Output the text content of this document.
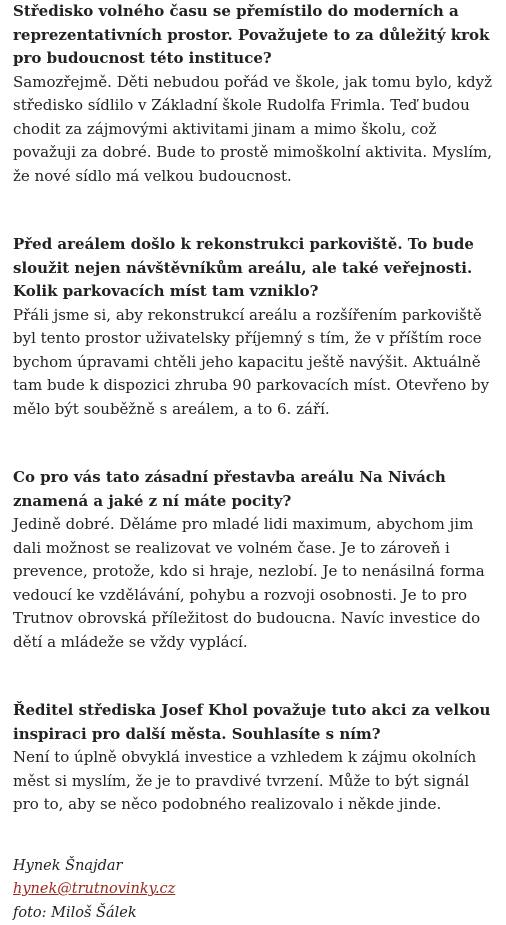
Středisko volného času se přemístilo do moderních a reprezentativních prostor. Považujete to za důležitý krok pro budoucnost této instituce?

Samozřejmě. Děti nebudou pořád ve škole, jak tomu bylo, když středisko sídlilo v Základní škole Rudolfa Frimla. Teď budou chodit za zájmovými aktivitami jinam a mimo školu, což považuji za dobré. Bude to prostě mimoškolní aktivita. Myslím, že nové sídlo má velkou budoucnost.

Před areálem došlo k rekonstrukci parkoviště. To bude sloužit nejen návštěvníkům areálu, ale také veřejnosti. Kolik parkovacích míst tam vzniklo?

Přáli jsme si, aby rekonstrukcí areálu a rozšířením parkoviště byl tento prostor uživatelsky příjemný s tím, že v příštím roce bychom úpravami chtěli jeho kapacitu ještě navýšit. Aktuálně tam bude k dispozici zhruba 90 parkovacích míst. Otevřeno by mělo být souběžně s areálem, a to 6. září.

Co pro vás tato zásadní přestavba areálu Na Nivách znamená a jaké z ní máte pocity?

Jedině dobré. Děláme pro mladé lidi maximum, abychom jim dali možnost se realizovat ve volném čase. Je to zároveň i prevence, protože, kdo si hraje, nezlobí. Je to nenásilná forma vedoucí ke vzdělávání, pohybu a rozvoji osobnosti. Je to pro Trutnov obrovská příležitost do budoucna. Navíc investice do dětí a mládeže se vždy vyplácí.

Ředitel střediska Josef Khol považuje tuto akci za velkou inspiraci pro další města. Souhlasíte s ním?

Není to úplně obvyklá investice a vzhledem k zájmu okolních měst si myslím, že je to pravdivé tvrzení. Může to být signál pro to, aby se něco podobného realizovalo i někde jinde.

Hynek Šnajdar
hynek@trutnovinky.cz
foto: Miloš Šálek
